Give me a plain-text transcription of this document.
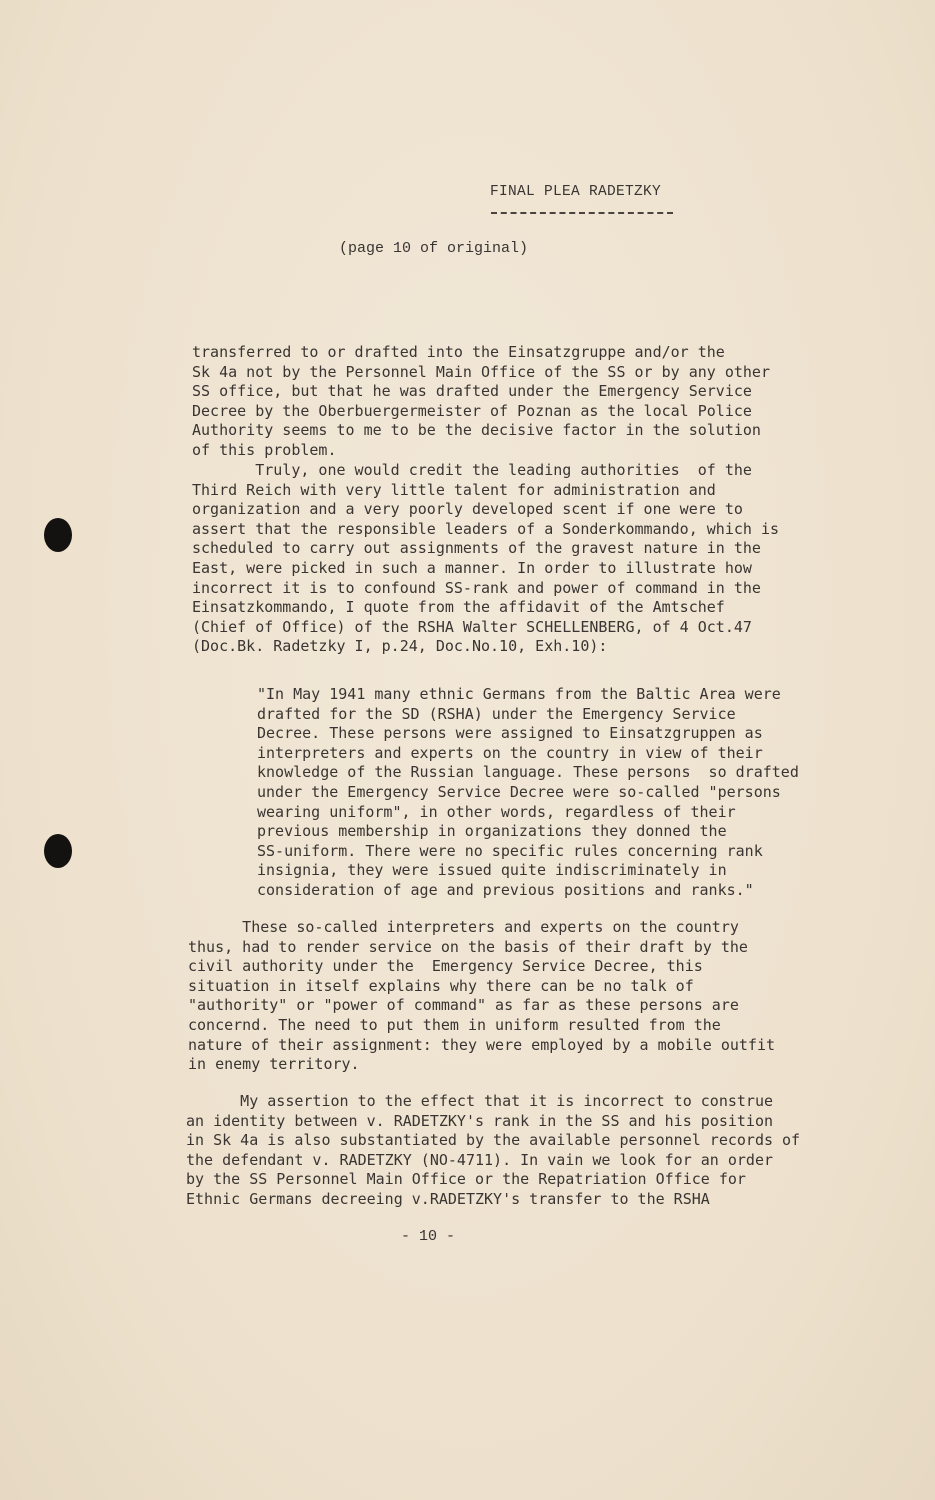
FINAL PLEA RADETZKY
(page 10 of original)
transferred to or drafted into the Einsatzgruppe and/or the
Sk 4a not by the Personnel Main Office of the SS or by any other
SS office, but that he was drafted under the Emergency Service
Decree by the Oberbuergermeister of Poznan as the local Police
Authority seems to me to be the decisive factor in the solution
of this problem.
Truly, one would credit the leading authorities  of the
Third Reich with very little talent for administration and
organization and a very poorly developed scent if one were to
assert that the responsible leaders of a Sonderkommando, which is
scheduled to carry out assignments of the gravest nature in the
East, were picked in such a manner. In order to illustrate how
incorrect it is to confound SS-rank and power of command in the
Einsatzkommando, I quote from the affidavit of the Amtschef
(Chief of Office) of the RSHA Walter SCHELLENBERG, of 4 Oct.47
(Doc.Bk. Radetzky I, p.24, Doc.No.10, Exh.10):
"In May 1941 many ethnic Germans from the Baltic Area were
drafted for the SD (RSHA) under the Emergency Service
Decree. These persons were assigned to Einsatzgruppen as
interpreters and experts on the country in view of their
knowledge of the Russian language. These persons  so drafted
under the Emergency Service Decree were so-called "persons
wearing uniform", in other words, regardless of their
previous membership in organizations they donned the
SS-uniform. There were no specific rules concerning rank
insignia, they were issued quite indiscriminately in
consideration of age and previous positions and ranks."
These so-called interpreters and experts on the country
thus, had to render service on the basis of their draft by the
civil authority under the  Emergency Service Decree, this
situation in itself explains why there can be no talk of
"authority" or "power of command" as far as these persons are
concernd. The need to put them in uniform resulted from the
nature of their assignment: they were employed by a mobile outfit
in enemy territory.
My assertion to the effect that it is incorrect to construe
an identity between v. RADETZKY's rank in the SS and his position
in Sk 4a is also substantiated by the available personnel records of
the defendant v. RADETZKY (NO-4711). In vain we look for an order
by the SS Personnel Main Office or the Repatriation Office for
Ethnic Germans decreeing v.RADETZKY's transfer to the RSHA
- 10 -
